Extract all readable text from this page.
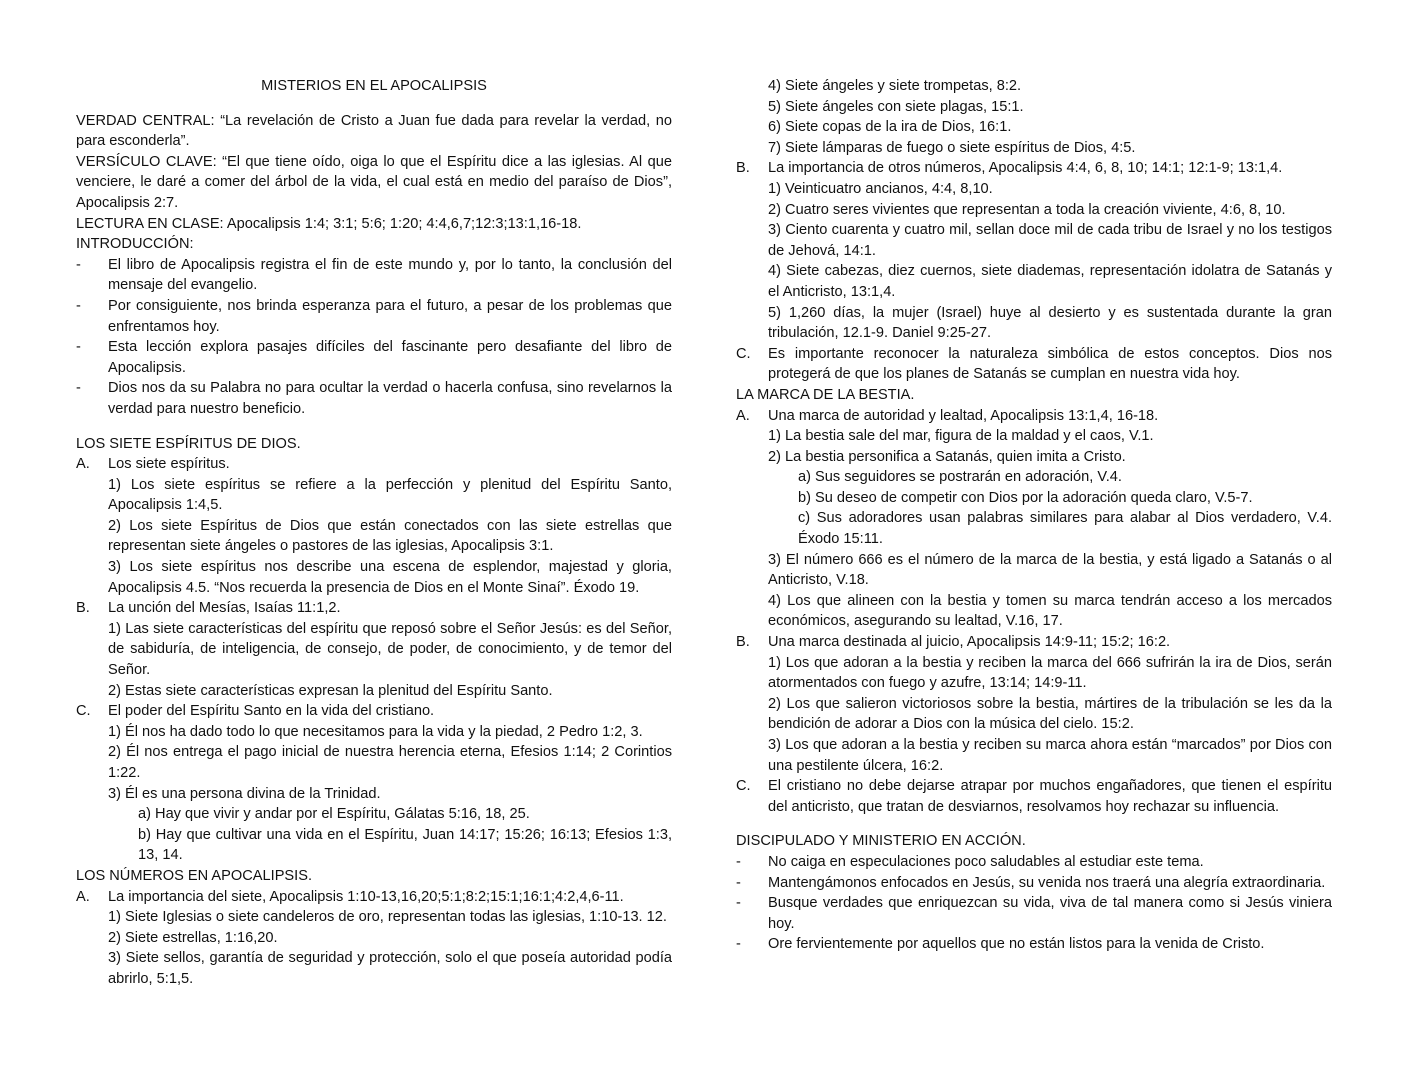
MISTERIOS EN EL APOCALIPSIS
VERDAD CENTRAL: “La revelación de Cristo a Juan fue dada para revelar la verdad, no para esconderla”.
VERSÍCULO CLAVE: “El que tiene oído, oiga lo que el Espíritu dice a las iglesias. Al que venciere, le daré a comer del árbol de la vida, el cual está en medio del paraíso de Dios”, Apocalipsis 2:7.
LECTURA EN CLASE: Apocalipsis 1:4; 3:1; 5:6; 1:20; 4:4,6,7;12:3;13:1,16-18.
INTRODUCCIÓN:
-	El libro de Apocalipsis registra el fin de este mundo y, por lo tanto, la conclusión del mensaje del evangelio.
-	Por consiguiente, nos brinda esperanza para el futuro, a pesar de los problemas que enfrentamos hoy.
-	Esta lección explora pasajes difíciles del fascinante pero desafiante del libro de Apocalipsis.
-	Dios nos da su Palabra no para ocultar la verdad o hacerla confusa, sino revelarnos la verdad para nuestro beneficio.
LOS SIETE ESPÍRITUS DE DIOS.
A.	Los siete espíritus.
1) Los siete espíritus se refiere a la perfección y plenitud del Espíritu Santo, Apocalipsis 1:4,5.
2) Los siete Espíritus de Dios que están conectados con las siete estrellas que representan siete ángeles o pastores de las iglesias, Apocalipsis 3:1.
3) Los siete espíritus nos describe una escena de esplendor, majestad y gloria, Apocalipsis 4.5. “Nos recuerda la presencia de Dios en el Monte Sinaí”. Éxodo 19.
B.	La unción del Mesías, Isaías 11:1,2.
1) Las siete características del espíritu que reposó sobre el Señor Jesús: es del Señor, de sabiduría, de inteligencia, de consejo, de poder, de conocimiento, y de temor del Señor.
2) Estas siete características expresan la plenitud del Espíritu Santo.
C.	El poder del Espíritu Santo en la vida del cristiano.
1) Él nos ha dado todo lo que necesitamos para la vida y la piedad, 2 Pedro 1:2, 3.
2) Él nos entrega el pago inicial de nuestra herencia eterna, Efesios 1:14; 2 Corintios 1:22.
3) Él es una persona divina de la Trinidad.
a) Hay que vivir y andar por el Espíritu, Gálatas 5:16, 18, 25.
b) Hay que cultivar una vida en el Espíritu, Juan 14:17; 15:26; 16:13; Efesios 1:3, 13, 14.
LOS NÚMEROS EN APOCALIPSIS.
A.	La importancia del siete, Apocalipsis 1:10-13,16,20;5:1;8:2;15:1;16:1;4:2,4,6-11.
1) Siete Iglesias o siete candeleros de oro, representan todas las iglesias, 1:10-13. 12.
2) Siete estrellas, 1:16,20.
3) Siete sellos, garantía de seguridad y protección, solo el que poseía autoridad podía abrirlo, 5:1,5.
4) Siete ángeles y siete trompetas, 8:2.
5) Siete ángeles con siete plagas, 15:1.
6) Siete copas de la ira de Dios, 16:1.
7) Siete lámparas de fuego o siete espíritus de Dios, 4:5.
B.	La importancia de otros números, Apocalipsis 4:4, 6, 8, 10; 14:1; 12:1-9; 13:1,4.
1) Veinticuatro ancianos, 4:4, 8,10.
2) Cuatro seres vivientes que representan a toda la creación viviente, 4:6, 8, 10.
3) Ciento cuarenta y cuatro mil, sellan doce mil de cada tribu de Israel y no los testigos de Jehová, 14:1.
4) Siete cabezas, diez cuernos, siete diademas, representación idolatra de Satanás y el Anticristo, 13:1,4.
5) 1,260 días, la mujer (Israel) huye al desierto y es sustentada durante la gran tribulación, 12.1-9. Daniel 9:25-27.
C.	Es importante reconocer la naturaleza simbólica de estos conceptos. Dios nos protegerá de que los planes de Satanás se cumplan en nuestra vida hoy.
LA MARCA DE LA BESTIA.
A.	Una marca de autoridad y lealtad, Apocalipsis 13:1,4, 16-18.
1) La bestia sale del mar, figura de la maldad y el caos, V.1.
2) La bestia personifica a Satanás, quien imita a Cristo.
a) Sus seguidores se postrarán en adoración, V.4.
b) Su deseo de competir con Dios por la adoración queda claro, V.5-7.
c) Sus adoradores usan palabras similares para alabar al Dios verdadero, V.4. Éxodo 15:11.
3) El número 666 es el número de la marca de la bestia, y está ligado a Satanás o al Anticristo, V.18.
4) Los que alineen con la bestia y tomen su marca tendrán acceso a los mercados económicos, asegurando su lealtad, V.16, 17.
B.	Una marca destinada al juicio, Apocalipsis 14:9-11; 15:2; 16:2.
1) Los que adoran a la bestia y reciben la marca del 666 sufrirán la ira de Dios, serán atormentados con fuego y azufre, 13:14; 14:9-11.
2) Los que salieron victoriosos sobre la bestia, mártires de la tribulación se les da la bendición de adorar a Dios con la música del cielo. 15:2.
3) Los que adoran a la bestia y reciben su marca ahora están “marcados” por Dios con una pestilente úlcera, 16:2.
C.	El cristiano no debe dejarse atrapar por muchos engañadores, que tienen el espíritu del anticristo, que tratan de desviarnos, resolvamos hoy rechazar su influencia.
DISCIPULADO Y MINISTERIO EN ACCIÓN.
-	No caiga en especulaciones poco saludables al estudiar este tema.
-	Mantengámonos enfocados en Jesús, su venida nos traerá una alegría extraordinaria.
-	Busque verdades que enriquezcan su vida, viva de tal manera como si Jesús viniera hoy.
-	Ore fervientemente por aquellos que no están listos para la venida de Cristo.
